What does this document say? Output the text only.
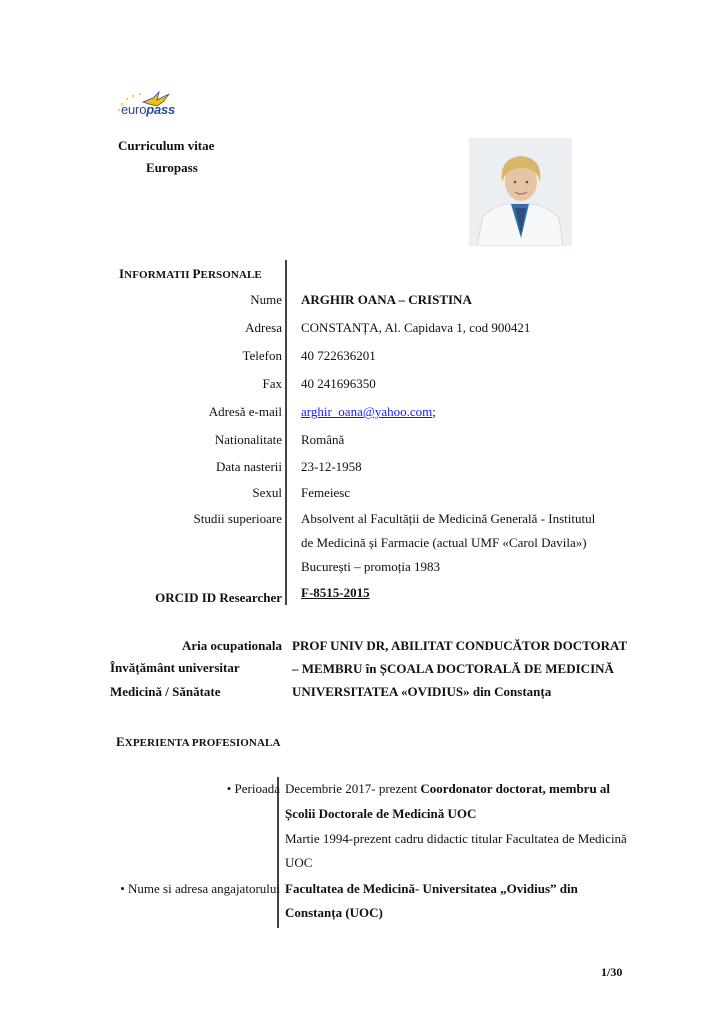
europass
Curriculum vitae
Europass
INFORMATII PERSONALE
Nume ARGHIR OANA – CRISTINA
Adresa CONSTANȚA, Al. Capidava 1, cod 900421
Telefon 40 722636201
Fax 40 241696350
Adresă e-mail arghir_oana@yahoo.com;
Nationalitate Română
Data nasterii 23-12-1958
Sexul Femeiesc
Studii superioare Absolvent al Facultății de Medicină Generală - Institutul
de Medicină și Farmacie (actual UMF «Carol Davila»)
București – promoția 1983
ORCID ID Researcher F-8515-2015
Aria ocupationala
Învățământ universitar
Medicină / Sănătate
PROF UNIV DR, ABILITAT CONDUCĂTOR DOCTORAT
– MEMBRU în ȘCOALA DOCTORALĂ DE MEDICINĂ
UNIVERSITATEA «OVIDIUS» din Constanța
EXPERIENTA PROFESIONALA
• Perioada Decembrie 2017- prezent Coordonator doctorat, membru al
Școlii Doctorale de Medicină UOC
Martie 1994-prezent cadru didactic titular Facultatea de Medicină
UOC
• Nume si adresa angajatorului Facultatea de Medicină- Universitatea „Ovidius” din
Constanța (UOC)
1/30
